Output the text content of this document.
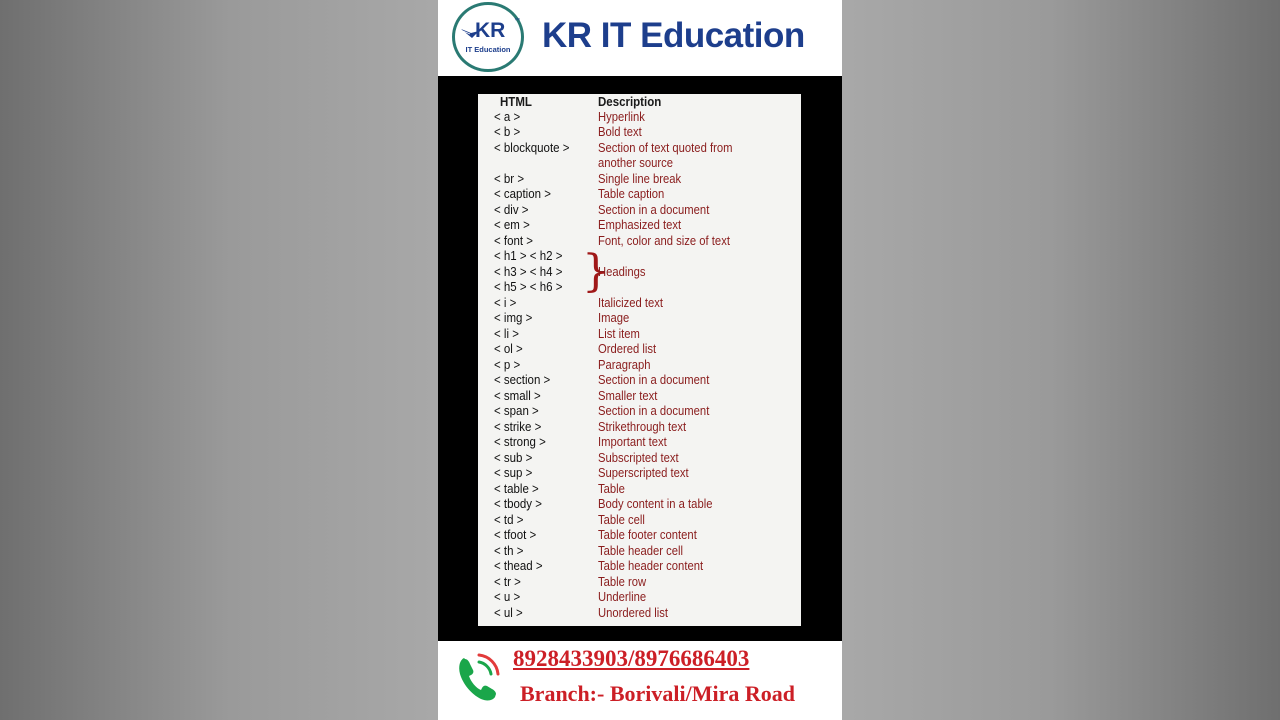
KR ™
IT Education KR IT Education
HTML	Description
< a >	Hyperlink
< b >	Bold text
< blockquote > Section of text quoted from
another source
< br >	Single line break
< caption >	Table caption
< div >	Section in a document
< em >	Emphasized text
< font >	Font, color and size of text
< h1 > < h2 > }
< h3 > < h4 >	Headings
< h5 > < h6 >
< i >	Italicized text
< img >	Image
< li >	List item
< ol >	Ordered list
< p >	Paragraph
< section >	Section in a document
< small >	Smaller text
< span >	Section in a document
< strike >	Strikethrough text
< strong >	Important text
< sub >	Subscripted text
< sup >	Superscripted text
< table >	Table
< tbody >	Body content in a table
< td >	Table cell
< tfoot >	Table footer content
< th >	Table header cell
< thead >	Table header content
< tr >	Table row
< u >	Underline
< ul >	Unordered list
8928433903/8976686403
Branch:- Borivali/Mira Road
